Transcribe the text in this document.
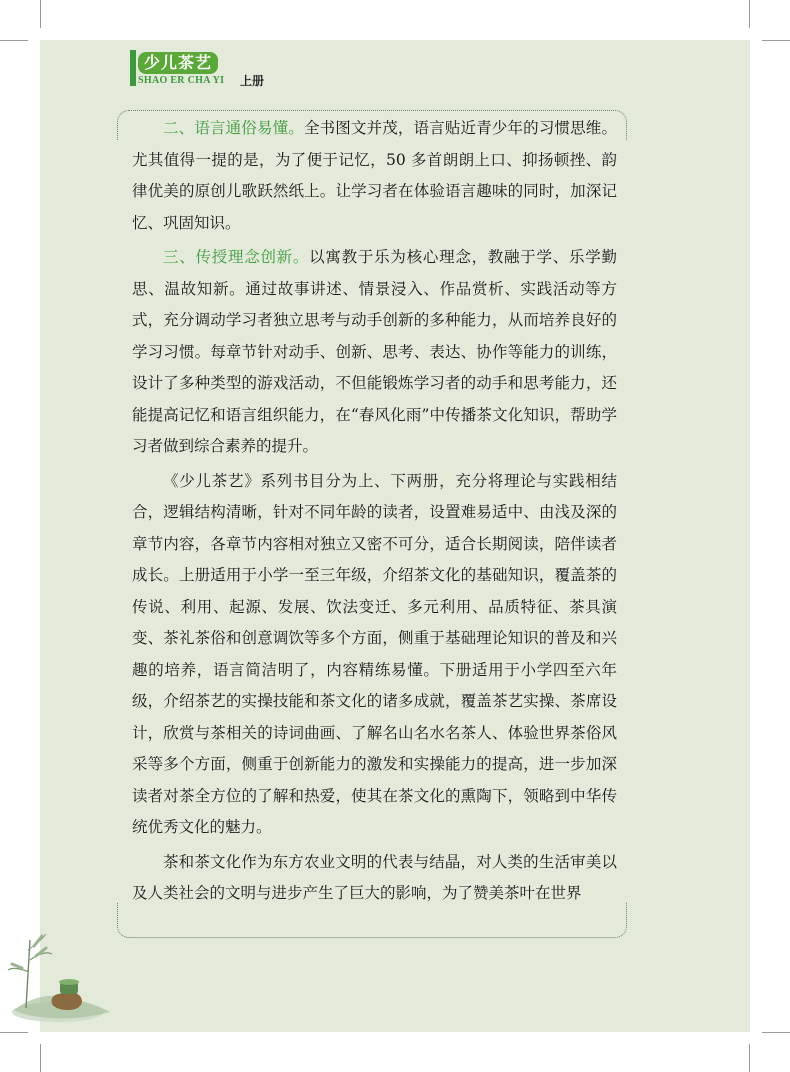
少儿茶艺
SHAO ER CHA YI 上册

二、语言通俗易懂。全书图文并茂，语言贴近青少年的习惯思维。尤其值得一提的是，为了便于记忆，50 多首朗朗上口、抑扬顿挫、韵律优美的原创儿歌跃然纸上。让学习者在体验语言趣味的同时，加深记忆、巩固知识。

三、传授理念创新。以寓教于乐为核心理念，教融于学、乐学勤思、温故知新。通过故事讲述、情景浸入、作品赏析、实践活动等方式，充分调动学习者独立思考与动手创新的多种能力，从而培养良好的学习习惯。每章节针对动手、创新、思考、表达、协作等能力的训练，设计了多种类型的游戏活动，不但能锻炼学习者的动手和思考能力，还能提高记忆和语言组织能力，在“春风化雨”中传播茶文化知识，帮助学习者做到综合素养的提升。

《少儿茶艺》系列书目分为上、下两册，充分将理论与实践相结合，逻辑结构清晰，针对不同年龄的读者，设置难易适中、由浅及深的章节内容，各章节内容相对独立又密不可分，适合长期阅读，陪伴读者成长。上册适用于小学一至三年级，介绍茶文化的基础知识，覆盖茶的传说、利用、起源、发展、饮法变迁、多元利用、品质特征、茶具演变、茶礼茶俗和创意调饮等多个方面，侧重于基础理论知识的普及和兴趣的培养，语言简洁明了，内容精练易懂。下册适用于小学四至六年级，介绍茶艺的实操技能和茶文化的诸多成就，覆盖茶艺实操、茶席设计，欣赏与茶相关的诗词曲画、了解名山名水名茶人、体验世界茶俗风采等多个方面，侧重于创新能力的激发和实操能力的提高，进一步加深读者对茶全方位的了解和热爱，使其在茶文化的熏陶下，领略到中华传统优秀文化的魅力。

茶和茶文化作为东方农业文明的代表与结晶，对人类的生活审美以及人类社会的文明与进步产生了巨大的影响，为了赞美茶叶在世界
